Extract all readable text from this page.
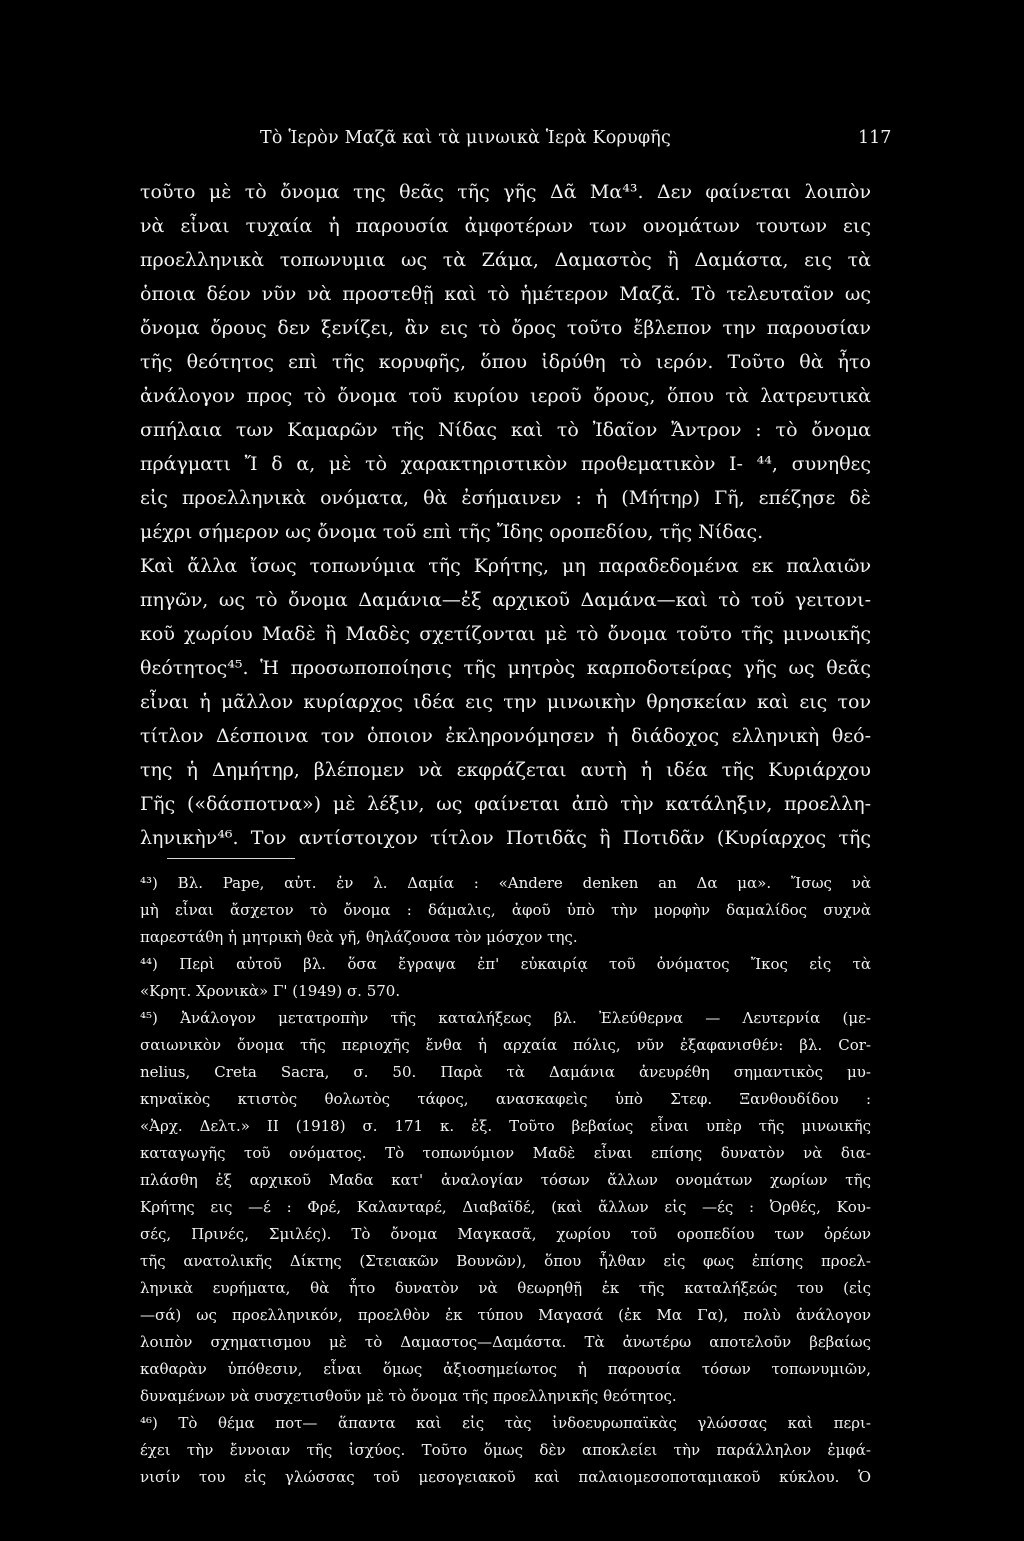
Τὸ Ἱερὸν Μαζᾶ καὶ τὰ μινωικὰ Ἱερὰ Κορυφῆς	117
τοῦτο μὲ τὸ ὄνομα της θεᾶς τῆς γῆς Δᾶ Μα⁴³. Δεν φαίνεται λοιπὸν
νὰ εἶναι τυχαία ἡ παρουσία ἀμφοτέρων των ονομάτων τουτων εις
προελληνικὰ τοπωνυμια ως τὰ Ζάμα, Δαμαστὸς ἢ Δαμάστα, εις τὰ
ὁποια δέον νῦν νὰ προστεθῇ καὶ τὸ ἡμέτερον Μαζᾶ. Τὸ τελευταῖον ως
ὄνομα ὄρους δεν ξενίζει, ἂν εις τὸ ὄρος τοῦτο ἔβλεπον την παρουσίαν
τῆς θεότητος επὶ τῆς κορυφῆς, ὅπου ἱδρύθη τὸ ιερόν. Τοῦτο θὰ ἦτο
ἀνάλογον προς τὸ ὄνομα τοῦ κυρίου ιεροῦ ὄρους, ὅπου τὰ λατρευτικὰ
σπήλαια των Καμαρῶν τῆς Νίδας καὶ τὸ Ἰδαῖον Ἄντρον : τὸ ὄνομα
πράγματι Ἴ δ α, μὲ τὸ χαρακτηριστικὸν προθεματικὸν Ι- ⁴⁴, συνηθες
εἰς προελληνικὰ ονόματα, θὰ ἐσήμαινεν : ἡ (Μήτηρ) Γῆ, επέζησε δὲ
μέχρι σήμερον ως ὄνομα τοῦ επὶ τῆς Ἴδης οροπεδίου, τῆς Νίδας.
Καὶ ἄλλα ἴσως τοπωνύμια τῆς Κρήτης, μη παραδεδομένα εκ παλαιῶν
πηγῶν, ως τὸ ὄνομα Δαμάνια—ἐξ αρχικοῦ Δαμάνα—καὶ τὸ τοῦ γειτονι-
κοῦ χωρίου Μαδὲ ἢ Μαδὲς σχετίζονται μὲ τὸ ὄνομα τοῦτο τῆς μινωικῆς
θεότητος⁴⁵. Ἡ προσωποποίησις τῆς μητρὸς καρποδοτείρας γῆς ως θεᾶς
εἶναι ἡ μᾶλλον κυρίαρχος ιδέα εις την μινωικὴν θρησκείαν καὶ εις τον
τίτλον Δέσποινα τον ὁποιον ἐκληρονόμησεν ἡ διάδοχος ελληνικὴ θεό-
της ἡ Δημήτηρ, βλέπομεν νὰ εκφράζεται αυτὴ ἡ ιδέα τῆς Κυριάρχου
Γῆς («δάσποτνα») μὲ λέξιν, ως φαίνεται ἀπὸ τὴν κατάληξιν, προελλη-
ληνικὴν⁴⁶. Τον αντίστοιχον τίτλον Ποτιδᾶς ἢ Ποτιδᾶν (Κυρίαρχος τῆς
⁴³) Βλ. Pape, αὐτ. ἐν λ. Δαμία : «Andere denken an Δα μα». Ἴσως νὰ
μὴ εἶναι ἄσχετον τὸ ὄνομα : δάμαλις, ἀφοῦ ὑπὸ τὴν μορφὴν δαμαλίδος συχνὰ
παρεστάθη ἡ μητρικὴ θεὰ γῆ, θηλάζουσα τὸν μόσχον της.
⁴⁴) Περὶ αὐτοῦ βλ. ὅσα ἔγραψα ἐπ' εὐκαιρίᾳ τοῦ ὀνόματος Ἴκος εἰς τὰ
«Κρητ. Χρονικὰ» Γ' (1949) σ. 570.
⁴⁵) Ἀνάλογον μετατροπὴν τῆς καταλήξεως βλ. Ἐλεύθερνα — Λευτερνία (με-
σαιωνικὸν ὄνομα τῆς περιοχῆς ἔνθα ἡ αρχαία πόλις, νῦν ἐξαφανισθέν: βλ. Cor-
nelius, Creta Sacra, σ. 50. Παρὰ τὰ Δαμάνια ἀνευρέθη σημαντικὸς μυ-
κηναϊκὸς κτιστὸς θολωτὸς τάφος, ανασκαφεὶς ὑπὸ Στεφ. Ξανθουδίδου :
«Ἀρχ. Δελτ.» ΙΙ (1918) σ. 171 κ. ἑξ. Τοῦτο βεβαίως εἶναι υπὲρ τῆς μινωικῆς
καταγωγῆς τοῦ ονόματος. Τὸ τοπωνύμιον Μαδὲ εἶναι επίσης δυνατὸν νὰ δια-
πλάσθη ἐξ αρχικοῦ Μαδα κατ' ἀναλογίαν τόσων ἄλλων ονομάτων χωρίων τῆς
Κρήτης εις —έ : Φρέ, Καλανταρέ, Διαβαϊδέ, (καὶ ἄλλων εἰς —ές : Ὀρθές, Κου-
σές, Πρινές, Σμιλές). Τὸ ὄνομα Μαγκασᾶ, χωρίου τοῦ οροπεδίου των ὀρέων
τῆς ανατολικῆς Δίκτης (Στειακῶν Βουνῶν), ὅπου ἦλθαν εἰς φως ἐπίσης προελ-
ληνικὰ ευρήματα, θὰ ἦτο δυνατὸν νὰ θεωρηθῇ ἐκ τῆς καταλήξεώς του (εἰς
—σά) ως προελληνικόν, προελθὸν ἐκ τύπου Μαγασά (ἐκ Μα Γα), πολὺ ἀνάλογον
λοιπὸν σχηματισμου μὲ τὸ Δαμαστος—Δαμάστα. Τὰ ἀνωτέρω αποτελοῦν βεβαίως
καθαρὰν ὑπόθεσιν, εἶναι ὅμως ἀξιοσημείωτος ἡ παρουσία τόσων τοπωνυμιῶν,
δυναμένων νὰ συσχετισθοῦν μὲ τὸ ὄνομα τῆς προελληνικῆς θεότητος.
⁴⁶) Τὸ θέμα ποτ— ἅπαντα καὶ εἰς τὰς ἰνδοευρωπαϊκὰς γλώσσας καὶ περι-
έχει τὴν ἔννοιαν τῆς ἰσχύος. Τοῦτο ὅμως δὲν αποκλείει τὴν παράλληλον ἐμφά-
νισίν του εἰς γλώσσας τοῦ μεσογειακοῦ καὶ παλαιομεσοποταμιακοῦ κύκλου. Ὁ
